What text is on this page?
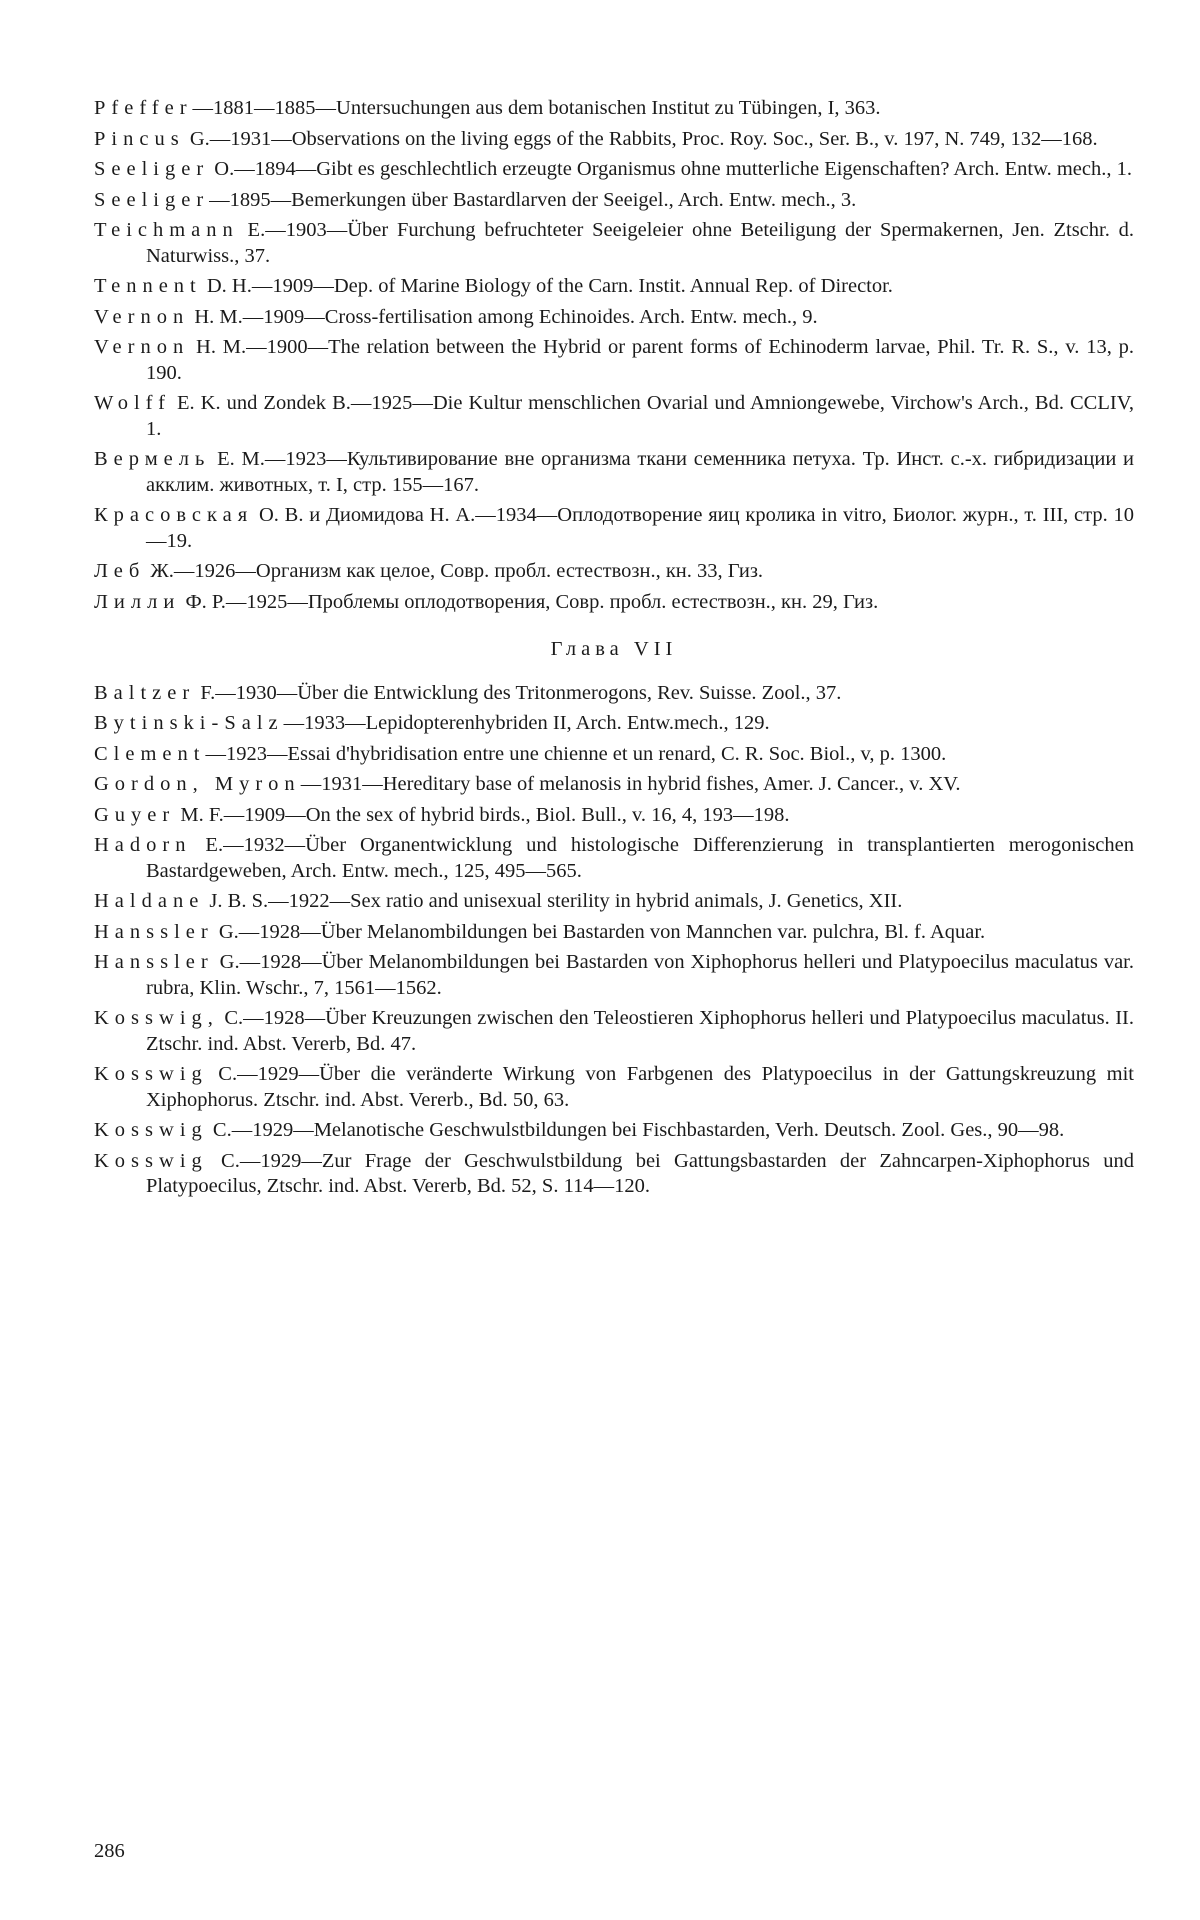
Pfeffer—1881—1885—Untersuchungen aus dem botanischen Institut zu Tübingen, I, 363.

Pincus G.—1931—Observations on the living eggs of the Rabbits, Proc. Roy. Soc., Ser. B., v. 197, N. 749, 132—168.

Seeliger O.—1894—Gibt es geschlechtlich erzeugte Organismus ohne mutterliche Eigenschaften? Arch. Entw. mech., 1.

Seeliger—1895—Bemerkungen über Bastardlarven der Seeigel., Arch. Entw. mech., 3.

Teichmann E.—1903—Über Furchung befruchteter Seeigeleier ohne Beteiligung der Spermakernen, Jen. Ztschr. d. Naturwiss., 37.

Tennent D. H.—1909—Dep. of Marine Biology of the Carn. Instit. Annual Rep. of Director.

Vernon H. M.—1909—Cross-fertilisation among Echinoides. Arch. Entw. mech., 9.

Vernon H. M.—1900—The relation between the Hybrid or parent forms of Echinoderm larvae, Phil. Tr. R. S., v. 13, p. 190.

Wolff E. K. und Zondek B.—1925—Die Kultur menschlichen Ovarial und Amniongewebe, Virchow's Arch., Bd. CCLIV, 1.

Вермель Е. М.—1923—Культивирование вне организма ткани семенника петуха. Тр. Инст. с.-х. гибридизации и акклим. животных, т. I, стр. 155—167.

Красовская О. В. и Диомидова Н. А.—1934—Оплодотворение яиц кролика in vitro, Биолог. журн., т. III, стр. 10—19.

Леб Ж.—1926—Организм как целое, Совр. пробл. естествозн., кн. 33, Гиз.

Лилли Ф. Р.—1925—Проблемы оплодотворения, Совр. пробл. естествозн., кн. 29, Гиз.

Глава VII

Baltzer F.—1930—Über die Entwicklung des Tritonmerogons, Rev. Suisse. Zool., 37.

Bytinski-Salz—1933—Lepidopterenhybriden II, Arch. Entw.mech., 129.

Clement—1923—Essai d'hybridisation entre une chienne et un renard, C. R. Soc. Biol., v, p. 1300.

Gordon, Myron—1931—Hereditary base of melanosis in hybrid fishes, Amer. J. Cancer., v. XV.

Guyer M. F.—1909—On the sex of hybrid birds., Biol. Bull., v. 16, 4, 193—198.

Hadorn E.—1932—Über Organentwicklung und histologische Differenzierung in transplantierten merogonischen Bastardgeweben, Arch. Entw. mech., 125, 495—565.

Haldane J. B. S.—1922—Sex ratio and unisexual sterility in hybrid animals, J. Genetics, XII.

Hanssler G.—1928—Über Melanombildungen bei Bastarden von Mannchen var. pulchra, Bl. f. Aquar.

Hanssler G.—1928—Über Melanombildungen bei Bastarden von Xiphophorus helleri und Platypoecilus maculatus var. rubra, Klin. Wschr., 7, 1561—1562.

Kosswig, C.—1928—Über Kreuzungen zwischen den Teleostieren Xiphophorus helleri und Platypoecilus maculatus. II. Ztschr. ind. Abst. Vererb, Bd. 47.

Kosswig C.—1929—Über die veränderte Wirkung von Farbgenen des Platypoecilus in der Gattungskreuzung mit Xiphophorus. Ztschr. ind. Abst. Vererb., Bd. 50, 63.

Kosswig C.—1929—Melanotische Geschwulstbildungen bei Fischbastarden, Verh. Deutsch. Zool. Ges., 90—98.

Kosswig C.—1929—Zur Frage der Geschwulstbildung bei Gattungsbastarden der Zahncarpen-Xiphophorus und Platypoecilus, Ztschr. ind. Abst. Vererb, Bd. 52, S. 114—120.

286
